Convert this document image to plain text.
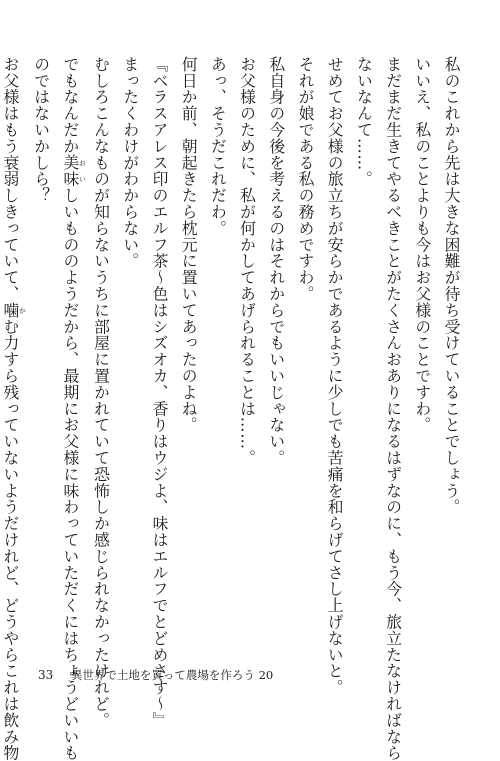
私のこれから先は大きな困難が待ち受けていることでしょう。
いいえ、私のことよりも今はお父様のことですわ。
まだまだ生きてやるべきことがたくさんおありになるはずなのに、もう今、旅立たなければなら
ないなんて……。
せめてお父様の旅立ちが安らかであるように少しでも苦痛を和らげてさし上げないと。
それが娘である私の務めですわ。
私自身の今後を考えるのはそれからでもいいじゃない。
お父様のために、私が何かしてあげられることは……。
あっ、そうだこれだわ。
何日か前、朝起きたら枕元に置いてあったのよね。
『ベラスアレス印のエルフ茶〜色はシズオカ、香りはウジよ、味はエルフでとどめさす〜』
まったくわけがわからない。
むしろこんなものが知らないうちに部屋に置かれていて恐怖しか感じられなかったけれど。
でもなんだか美味おいしいもののようだから、最期にお父様に味わっていただくにはちょうどいいも
のではないかしら？
お父様はもう衰弱しきっていて、噛かむ力すら残っていないようだけれど、どうやらこれは飲み物	33 異世界で土地を買って農場を作ろう 20
